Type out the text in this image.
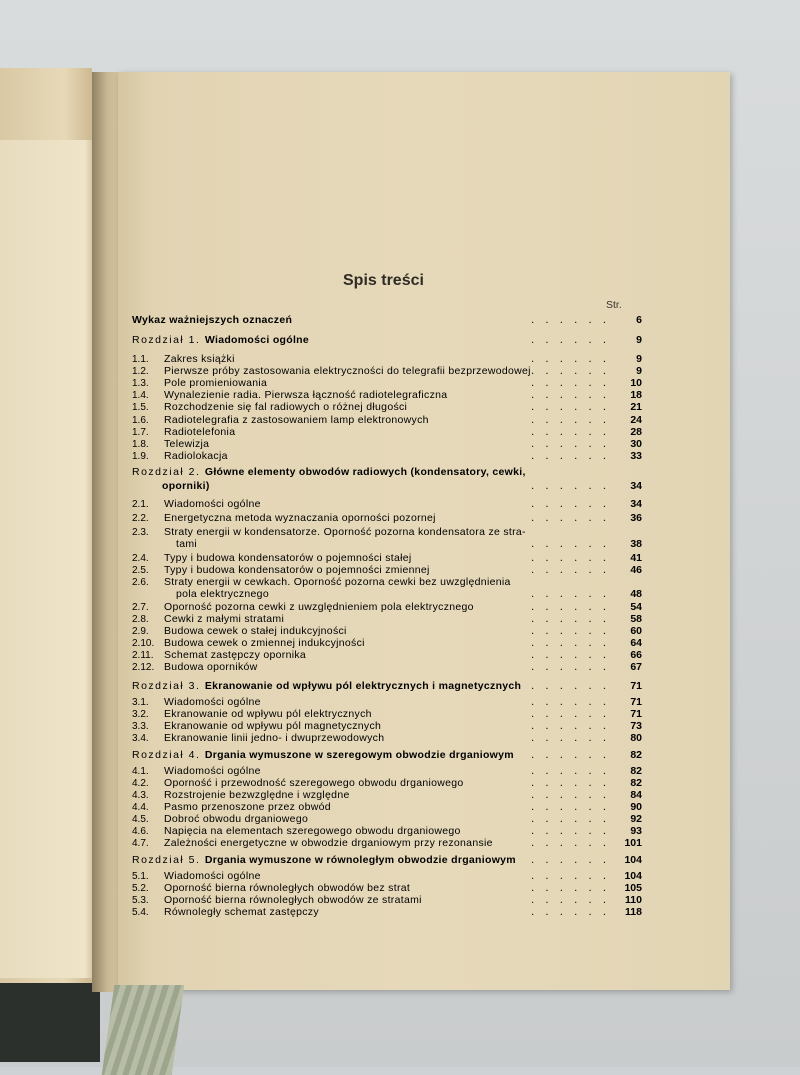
Spis treści
Str.
Wykaz ważniejszych oznaczeń	. . . . . . 6
Rozdział 1. Wiadomości ogólne	. . . . . . 9
1.1.	Zakres książki	. . . . . . 9
1.2.	Pierwsze próby zastosowania elektryczności do telegrafii bezprzewodowej . . . . . . 9
1.3.	Pole promieniowania	. . . . . . 10
1.4.	Wynalezienie radia. Pierwsza łączność radiotelegraficzna	. . . . . . 18
1.5.	Rozchodzenie się fal radiowych o różnej długości	. . . . . . 21
1.6.	Radiotelegrafia z zastosowaniem lamp elektronowych	. . . . . . 24
1.7.	Radiotelefonia	. . . . . . 28
1.8.	Telewizja	. . . . . . 30
1.9.	Radiolokacja	. . . . . . 33
Rozdział 2. Główne elementy obwodów radiowych (kondensatory, cewki,
oporniki)	. . . . . . 34
2.1.	Wiadomości ogólne	. . . . . . 34
2.2.	Energetyczna metoda wyznaczania oporności pozornej	. . . . . . 36
2.3.	Straty energii w kondensatorze. Oporność pozorna kondensatora ze stra-
tami	. . . . . . 38
2.4.	Typy i budowa kondensatorów o pojemności stałej	. . . . . . 41
2.5.	Typy i budowa kondensatorów o pojemności zmiennej	. . . . . . 46
2.6.	Straty energii w cewkach. Oporność pozorna cewki bez uwzględnienia
pola elektrycznego	. . . . . . 48
2.7.	Oporność pozorna cewki z uwzględnieniem pola elektrycznego	. . . . . . 54
2.8.	Cewki z małymi stratami	. . . . . . 58
2.9.	Budowa cewek o stałej indukcyjności	. . . . . . 60
2.10. Budowa cewek o zmiennej indukcyjności	. . . . . . 64
2.11.	Schemat zastępczy opornika	. . . . . . 66
2.12. Budowa oporników	. . . . . . 67
Rozdział 3. Ekranowanie od wpływu pól elektrycznych i magnetycznych . . . . . . 71
3.1.	Wiadomości ogólne	. . . . . . 71
3.2.	Ekranowanie od wpływu pól elektrycznych	. . . . . . 71
3.3.	Ekranowanie od wpływu pól magnetycznych	. . . . . . 73
3.4.	Ekranowanie linii jedno- i dwuprzewodowych	. . . . . . 80
Rozdział 4. Drgania wymuszone w szeregowym obwodzie drganiowym . . . . . . 82
4.1.	Wiadomości ogólne	. . . . . . 82
4.2.	Oporność i przewodność szeregowego obwodu drganiowego	. . . . . . 82
4.3.	Rozstrojenie bezwzględne i względne	. . . . . . 84
4.4.	Pasmo przenoszone przez obwód	. . . . . . 90
4.5.	Dobroć obwodu drganiowego	. . . . . . 92
4.6.	Napięcia na elementach szeregowego obwodu drganiowego	. . . . . . 93
4.7.	Zależności energetyczne w obwodzie drganiowym przy rezonansie	. . . . . . 101
Rozdział 5. Drgania wymuszone w równoległym obwodzie drganiowym . . . . . . 104
5.1.	Wiadomości ogólne	. . . . . . 104
5.2.	Oporność bierna równoległych obwodów bez strat	. . . . . . 105
5.3.	Oporność bierna równoległych obwodów ze stratami	. . . . . . 110
5.4.	Równoległy schemat zastępczy	. . . . . . 118
